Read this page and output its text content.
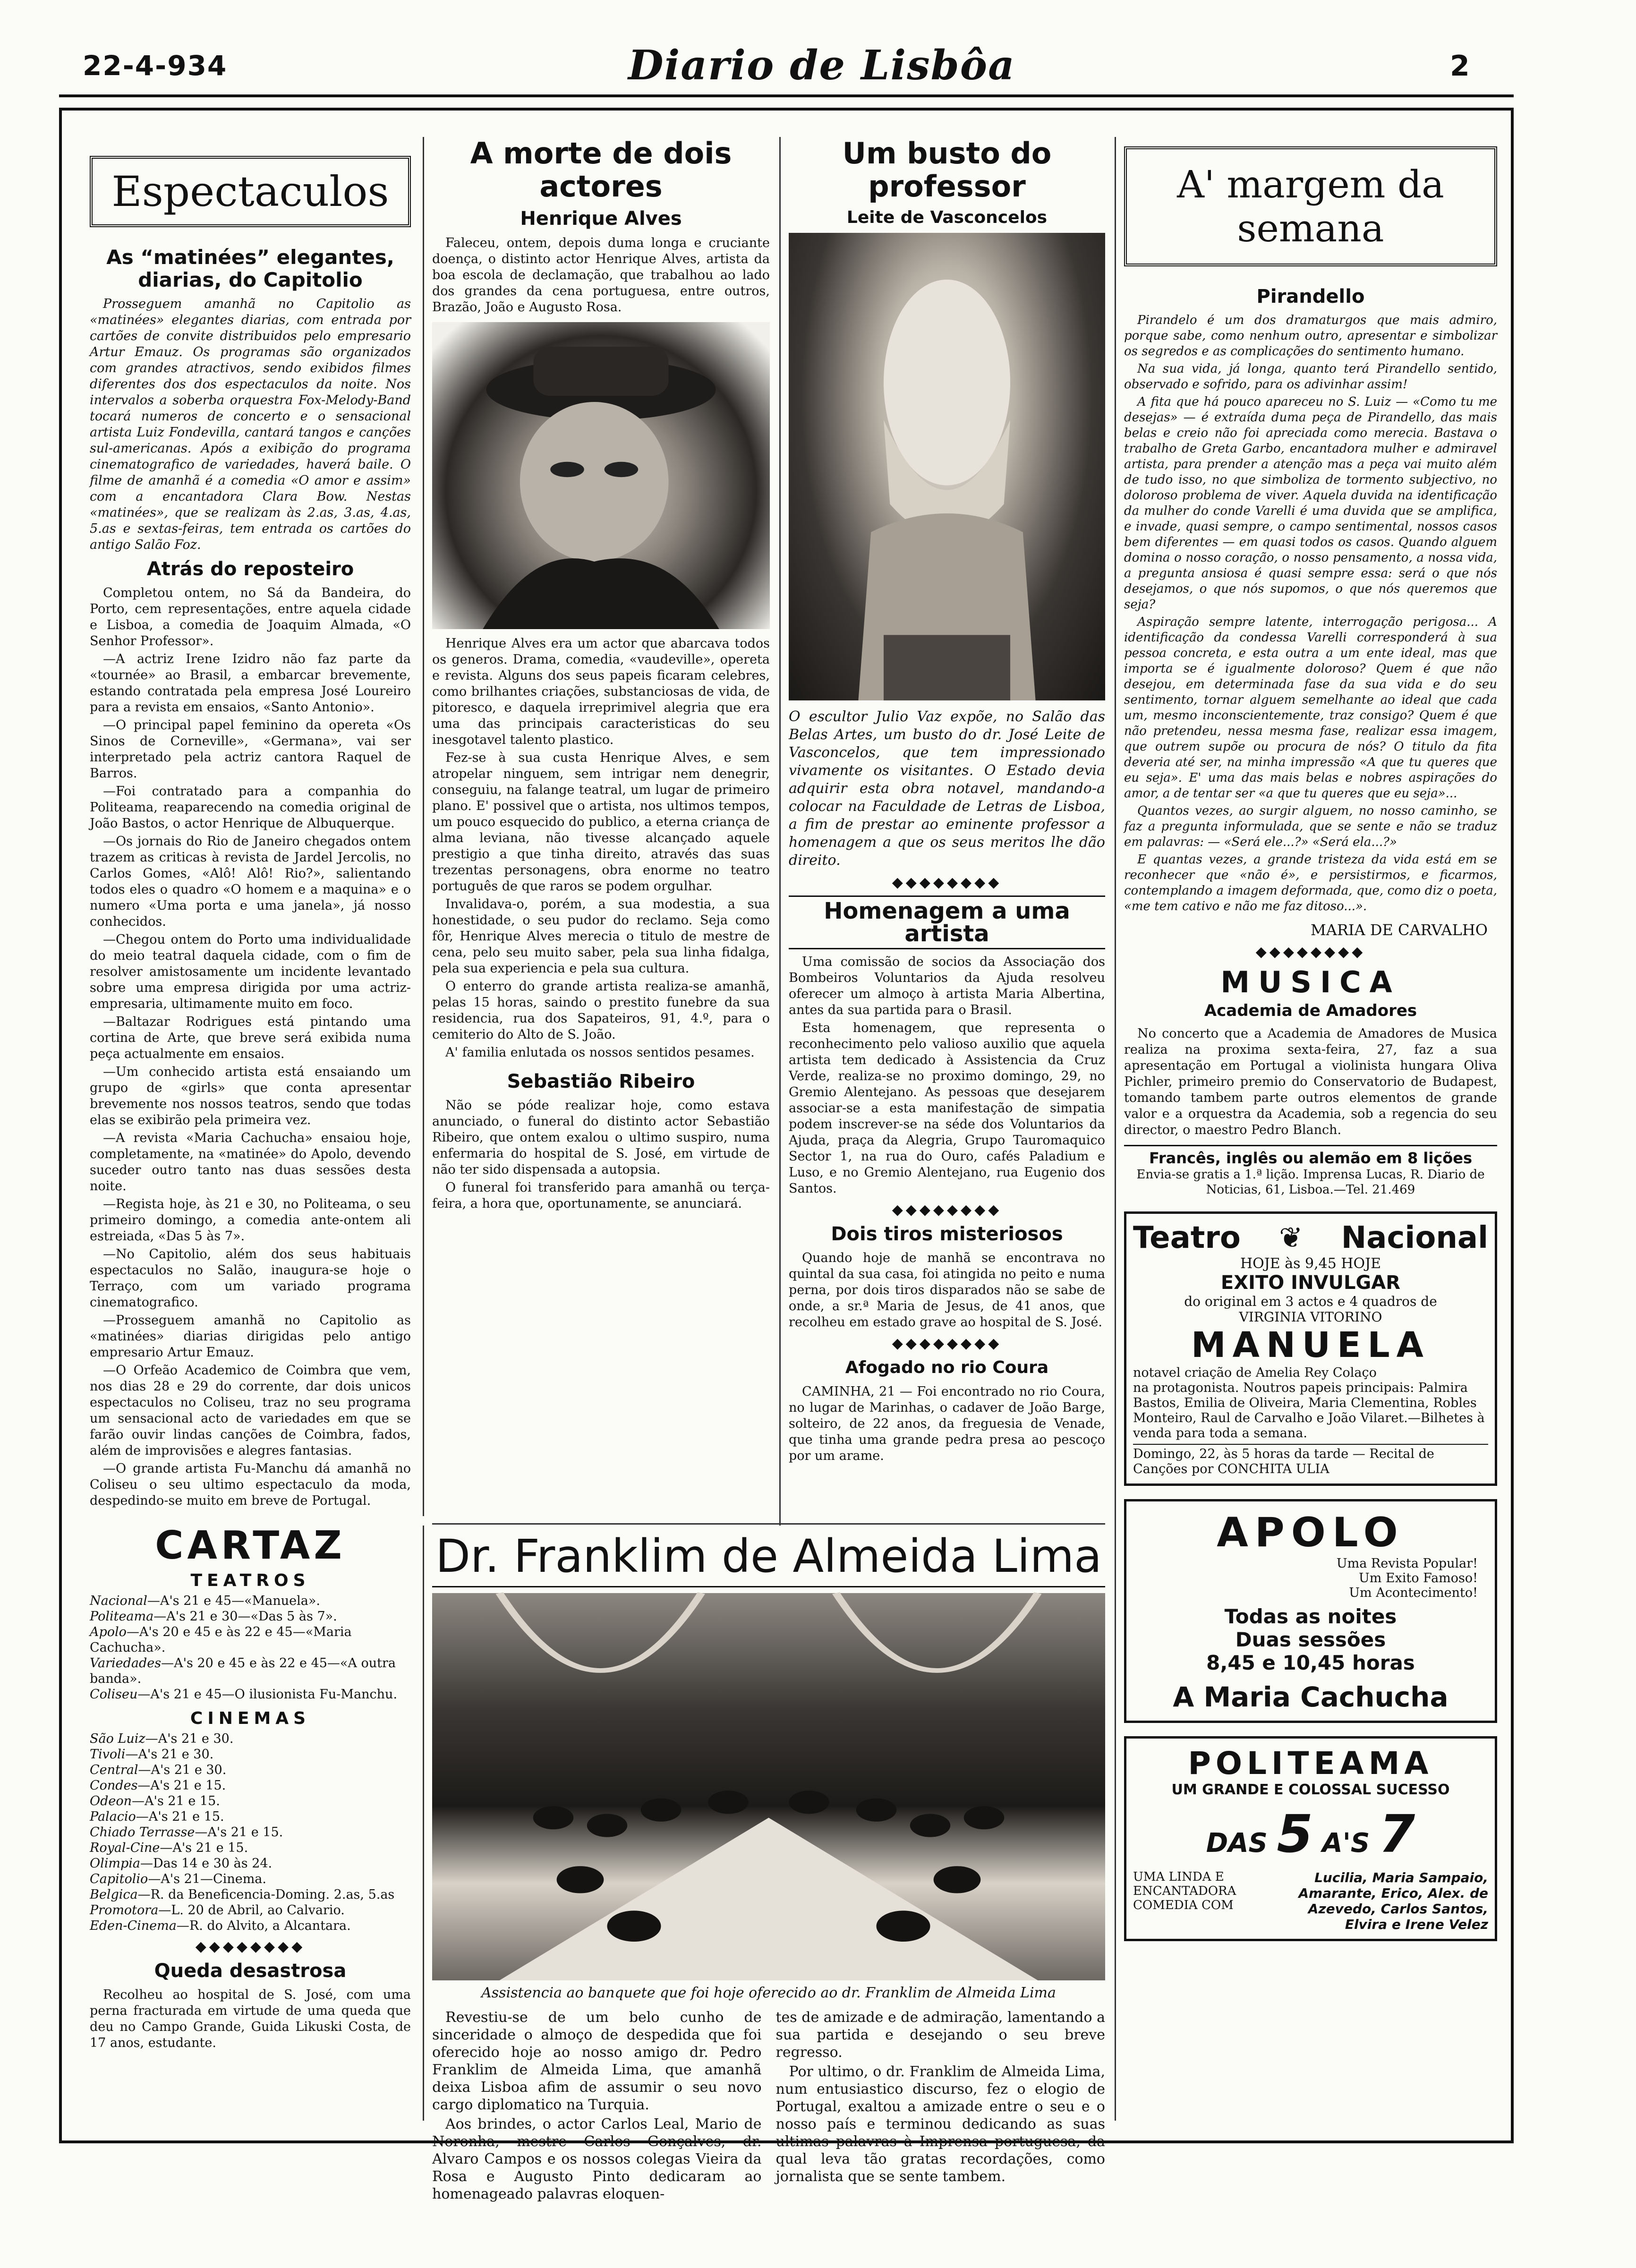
22-4-934	Diario de Lisbôa	2
Espectaculos
As “matinées” elegantes, diarias, do Capitolio

Prosseguem amanhã no Capitolio as «matinées» elegantes diarias, com entrada por cartões de convite distribuidos pelo empresario Artur Emauz. Os programas são organizados com grandes atractivos, sendo exibidos filmes diferentes dos dos espectaculos da noite. Nos intervalos a soberba orquestra Fox-Melody-Band tocará numeros de concerto e o sensacional artista Luiz Fondevilla, cantará tangos e canções sul-americanas. Após a exibição do programa cinematografico de variedades, haverá baile. O filme de amanhã é a comedia «O amor e assim» com a encantadora Clara Bow. Nestas «matinées», que se realizam às 2.as, 3.as, 4.as, 5.as e sextas-feiras, tem entrada os cartões do antigo Salão Foz.

Atrás do reposteiro

Completou ontem, no Sá da Bandeira, do Porto, cem representações, entre aquela cidade e Lisboa, a comedia de Joaquim Almada, «O Senhor Professor».

—A actriz Irene Izidro não faz parte da «tournée» ao Brasil, a embarcar brevemente, estando contratada pela empresa José Loureiro para a revista em ensaios, «Santo Antonio».

—O principal papel feminino da opereta «Os Sinos de Corneville», «Germana», vai ser interpretado pela actriz cantora Raquel de Barros.

—Foi contratado para a companhia do Politeama, reaparecendo na comedia original de João Bastos, o actor Henrique de Albuquerque.

—Os jornais do Rio de Janeiro chegados ontem trazem as criticas à revista de Jardel Jercolis, no Carlos Gomes, «Alô! Alô! Rio?», salientando todos eles o quadro «O homem e a maquina» e o numero «Uma porta e uma janela», já nosso conhecidos.

—Chegou ontem do Porto uma individualidade do meio teatral daquela cidade, com o fim de resolver amistosamente um incidente levantado sobre uma empresa dirigida por uma actriz-empresaria, ultimamente muito em foco.

—Baltazar Rodrigues está pintando uma cortina de Arte, que breve será exibida numa peça actualmente em ensaios.

—Um conhecido artista está ensaiando um grupo de «girls» que conta apresentar brevemente nos nossos teatros, sendo que todas elas se exibirão pela primeira vez.

—A revista «Maria Cachucha» ensaiou hoje, completamente, na «matinée» do Apolo, devendo suceder outro tanto nas duas sessões desta noite.

—Regista hoje, às 21 e 30, no Politeama, o seu primeiro domingo, a comedia ante-ontem ali estreiada, «Das 5 às 7».

—No Capitolio, além dos seus habituais espectaculos no Salão, inaugura-se hoje o Terraço, com um variado programa cinematografico.

—Prosseguem amanhã no Capitolio as «matinées» diarias dirigidas pelo antigo empresario Artur Emauz.

—O Orfeão Academico de Coimbra que vem, nos dias 28 e 29 do corrente, dar dois unicos espectaculos no Coliseu, traz no seu programa um sensacional acto de variedades em que se farão ouvir lindas canções de Coimbra, fados, além de improvisões e alegres fantasias.

—O grande artista Fu-Manchu dá amanhã no Coliseu o seu ultimo espectaculo da moda, despedindo-se muito em breve de Portugal.

CARTAZ
TEATROS
Nacional—A's 21 e 45—«Manuela».
Politeama—A's 21 e 30—«Das 5 às 7».
Apolo—A's 20 e 45 e às 22 e 45—«Maria Cachucha».
Variedades—A's 20 e 45 e às 22 e 45—«A outra banda».
Coliseu—A's 21 e 45—O ilusionista Fu-Manchu.
CINEMAS
São Luiz—A's 21 e 30.
Tivoli—A's 21 e 30.
Central—A's 21 e 30.
Condes—A's 21 e 15.
Odeon—A's 21 e 15.
Palacio—A's 21 e 15.
Chiado Terrasse—A's 21 e 15.
Royal-Cine—A's 21 e 15.
Olimpia—Das 14 e 30 às 24.
Capitolio—A's 21—Cinema.
Belgica—R. da Beneficencia-Doming. 2.as, 5.as
Promotora—L. 20 de Abril, ao Calvario.
Eden-Cinema—R. do Alvito, a Alcantara.
◆◆◆◆◆◆◆◆
Queda desastrosa

Recolheu ao hospital de S. José, com uma perna fracturada em virtude de uma queda que deu no Campo Grande, Guida Likuski Costa, de 17 anos, estudante.

A morte de dois actores
Henrique Alves

Faleceu, ontem, depois duma longa e cruciante doença, o distinto actor Henrique Alves, artista da boa escola de declamação, que trabalhou ao lado dos grandes da cena portuguesa, entre outros, Brazão, João e Augusto Rosa.

Henrique Alves era um actor que abarcava todos os generos. Drama, comedia, «vaudeville», opereta e revista. Alguns dos seus papeis ficaram celebres, como brilhantes criações, substanciosas de vida, de pitoresco, e daquela irreprimivel alegria que era uma das principais caracteristicas do seu inesgotavel talento plastico.

Fez-se à sua custa Henrique Alves, e sem atropelar ninguem, sem intrigar nem denegrir, conseguiu, na falange teatral, um lugar de primeiro plano. E' possivel que o artista, nos ultimos tempos, um pouco esquecido do publico, a eterna criança de alma leviana, não tivesse alcançado aquele prestigio a que tinha direito, através das suas trezentas personagens, obra enorme no teatro português de que raros se podem orgulhar.

Invalidava-o, porém, a sua modestia, a sua honestidade, o seu pudor do reclamo. Seja como fôr, Henrique Alves merecia o titulo de mestre de cena, pelo seu muito saber, pela sua linha fidalga, pela sua experiencia e pela sua cultura.

O enterro do grande artista realiza-se amanhã, pelas 15 horas, saindo o prestito funebre da sua residencia, rua dos Sapateiros, 91, 4.º, para o cemiterio do Alto de S. João.

A' familia enlutada os nossos sentidos pesames.

Sebastião Ribeiro

Não se póde realizar hoje, como estava anunciado, o funeral do distinto actor Sebastião Ribeiro, que ontem exalou o ultimo suspiro, numa enfermaria do hospital de S. José, em virtude de não ter sido dispensada a autopsia.

O funeral foi transferido para amanhã ou terça-feira, a hora que, oportunamente, se anunciará.

Um busto do professor
Leite de Vasconcelos
O escultor Julio Vaz expõe, no Salão das Belas Artes, um busto do dr. José Leite de Vasconcelos, que tem impressionado vivamente os visitantes. O Estado devia adquirir esta obra notavel, mandando-a colocar na Faculdade de Letras de Lisboa, a fim de prestar ao eminente professor a homenagem a que os seus meritos lhe dão direito.
◆◆◆◆◆◆◆◆
Homenagem a uma artista

Uma comissão de socios da Associação dos Bombeiros Voluntarios da Ajuda resolveu oferecer um almoço à artista Maria Albertina, antes da sua partida para o Brasil.

Esta homenagem, que representa o reconhecimento pelo valioso auxilio que aquela artista tem dedicado à Assistencia da Cruz Verde, realiza-se no proximo domingo, 29, no Gremio Alentejano. As pessoas que desejarem associar-se a esta manifestação de simpatia podem inscrever-se na séde dos Voluntarios da Ajuda, praça da Alegria, Grupo Tauromaquico Sector 1, na rua do Ouro, cafés Paladium e Luso, e no Gremio Alentejano, rua Eugenio dos Santos.

◆◆◆◆◆◆◆◆
Dois tiros misteriosos

Quando hoje de manhã se encontrava no quintal da sua casa, foi atingida no peito e numa perna, por dois tiros disparados não se sabe de onde, a sr.ª Maria de Jesus, de 41 anos, que recolheu em estado grave ao hospital de S. José.

◆◆◆◆◆◆◆◆
Afogado no rio Coura

CAMINHA, 21 — Foi encontrado no rio Coura, no lugar de Marinhas, o cadaver de João Barge, solteiro, de 22 anos, da freguesia de Venade, que tinha uma grande pedra presa ao pescoço por um arame.

Dr. Franklim de Almeida Lima
Assistencia ao banquete que foi hoje oferecido ao dr. Franklim de Almeida Lima

Revestiu-se de um belo cunho de sinceridade o almoço de despedida que foi oferecido hoje ao nosso amigo dr. Pedro Franklim de Almeida Lima, que amanhã deixa Lisboa afim de assumir o seu novo cargo diplomatico na Turquia.

Aos brindes, o actor Carlos Leal, Mario de Noronha, mestre Carlos Gonçalves, dr. Alvaro Campos e os nossos colegas Vieira da Rosa e Augusto Pinto dedicaram ao homenageado palavras eloquen-

tes de amizade e de admiração, lamentando a sua partida e desejando o seu breve regresso.

Por ultimo, o dr. Franklim de Almeida Lima, num entusiastico discurso, fez o elogio de Portugal, exaltou a amizade entre o seu e o nosso país e terminou dedicando as suas ultimas palavras à Imprensa portuguesa, da qual leva tão gratas recordações, como jornalista que se sente tambem.

A' margem da semana
Pirandello

Pirandelo é um dos dramaturgos que mais admiro, porque sabe, como nenhum outro, apresentar e simbolizar os segredos e as complicações do sentimento humano.

Na sua vida, já longa, quanto terá Pirandello sentido, observado e sofrido, para os adivinhar assim!

A fita que há pouco apareceu no S. Luiz — «Como tu me desejas» — é extraída duma peça de Pirandello, das mais belas e creio não foi apreciada como merecia. Bastava o trabalho de Greta Garbo, encantadora mulher e admiravel artista, para prender a atenção mas a peça vai muito além de tudo isso, no que simboliza de tormento subjectivo, no doloroso problema de viver. Aquela duvida na identificação da mulher do conde Varelli é uma duvida que se amplifica, e invade, quasi sempre, o campo sentimental, nossos casos bem diferentes — em quasi todos os casos. Quando alguem domina o nosso coração, o nosso pensamento, a nossa vida, a pregunta ansiosa é quasi sempre essa: será o que nós desejamos, o que nós supomos, o que nós queremos que seja?

Aspiração sempre latente, interrogação perigosa... A identificação da condessa Varelli corresponderá à sua pessoa concreta, e esta outra a um ente ideal, mas que importa se é igualmente doloroso? Quem é que não desejou, em determinada fase da sua vida e do seu sentimento, tornar alguem semelhante ao ideal que cada um, mesmo inconscientemente, traz consigo? Quem é que não pretendeu, nessa mesma fase, realizar essa imagem, que outrem supõe ou procura de nós? O titulo da fita deveria até ser, na minha impressão «A que tu queres que eu seja». E' uma das mais belas e nobres aspirações do amor, a de tentar ser «a que tu queres que eu seja»...

Quantos vezes, ao surgir alguem, no nosso caminho, se faz a pregunta informulada, que se sente e não se traduz em palavras: — «Será ele...?» «Será ela...?»

E quantas vezes, a grande tristeza da vida está em se reconhecer que «não é», e persistirmos, e ficarmos, contemplando a imagem deformada, que, como diz o poeta, «me tem cativo e não me faz ditoso...».

MARIA DE CARVALHO
◆◆◆◆◆◆◆◆
MUSICA
Academia de Amadores

No concerto que a Academia de Amadores de Musica realiza na proxima sexta-feira, 27, faz a sua apresentação em Portugal a violinista hungara Oliva Pichler, primeiro premio do Conservatorio de Budapest, tomando tambem parte outros elementos de grande valor e a orquestra da Academia, sob a regencia do seu director, o maestro Pedro Blanch.

Francês, inglês ou alemão em 8 lições
Envia-se gratis a 1.ª lição. Imprensa Lucas, R. Diario de Noticias, 61, Lisboa.—Tel. 21.469
Teatro ❦ Nacional
HOJE às 9,45 HOJE
EXITO INVULGAR
do original em 3 actos e 4 quadros de
VIRGINIA VITORINO
MANUELA
notavel criação de Amelia Rey Colaço
na protagonista. Noutros papeis principais: Palmira Bastos, Emilia de Oliveira, Maria Clementina, Robles Monteiro, Raul de Carvalho e João Vilaret.—Bilhetes à venda para toda a semana.
Domingo, 22, às 5 horas da tarde — Recital de Canções por CONCHITA ULIA
APOLO
Uma Revista Popular!
Um Exito Famoso!
Um Acontecimento!
Todas as noites
Duas sessões
8,45 e 10,45 horas
A Maria Cachucha
POLITEAMA
UM GRANDE E COLOSSAL SUCESSO
DAS 5 A'S 7
UMA LINDA E ENCANTADORA COMEDIA COM
Lucilia, Maria Sampaio, Amarante, Erico, Alex. de Azevedo, Carlos Santos, Elvira e Irene Velez
